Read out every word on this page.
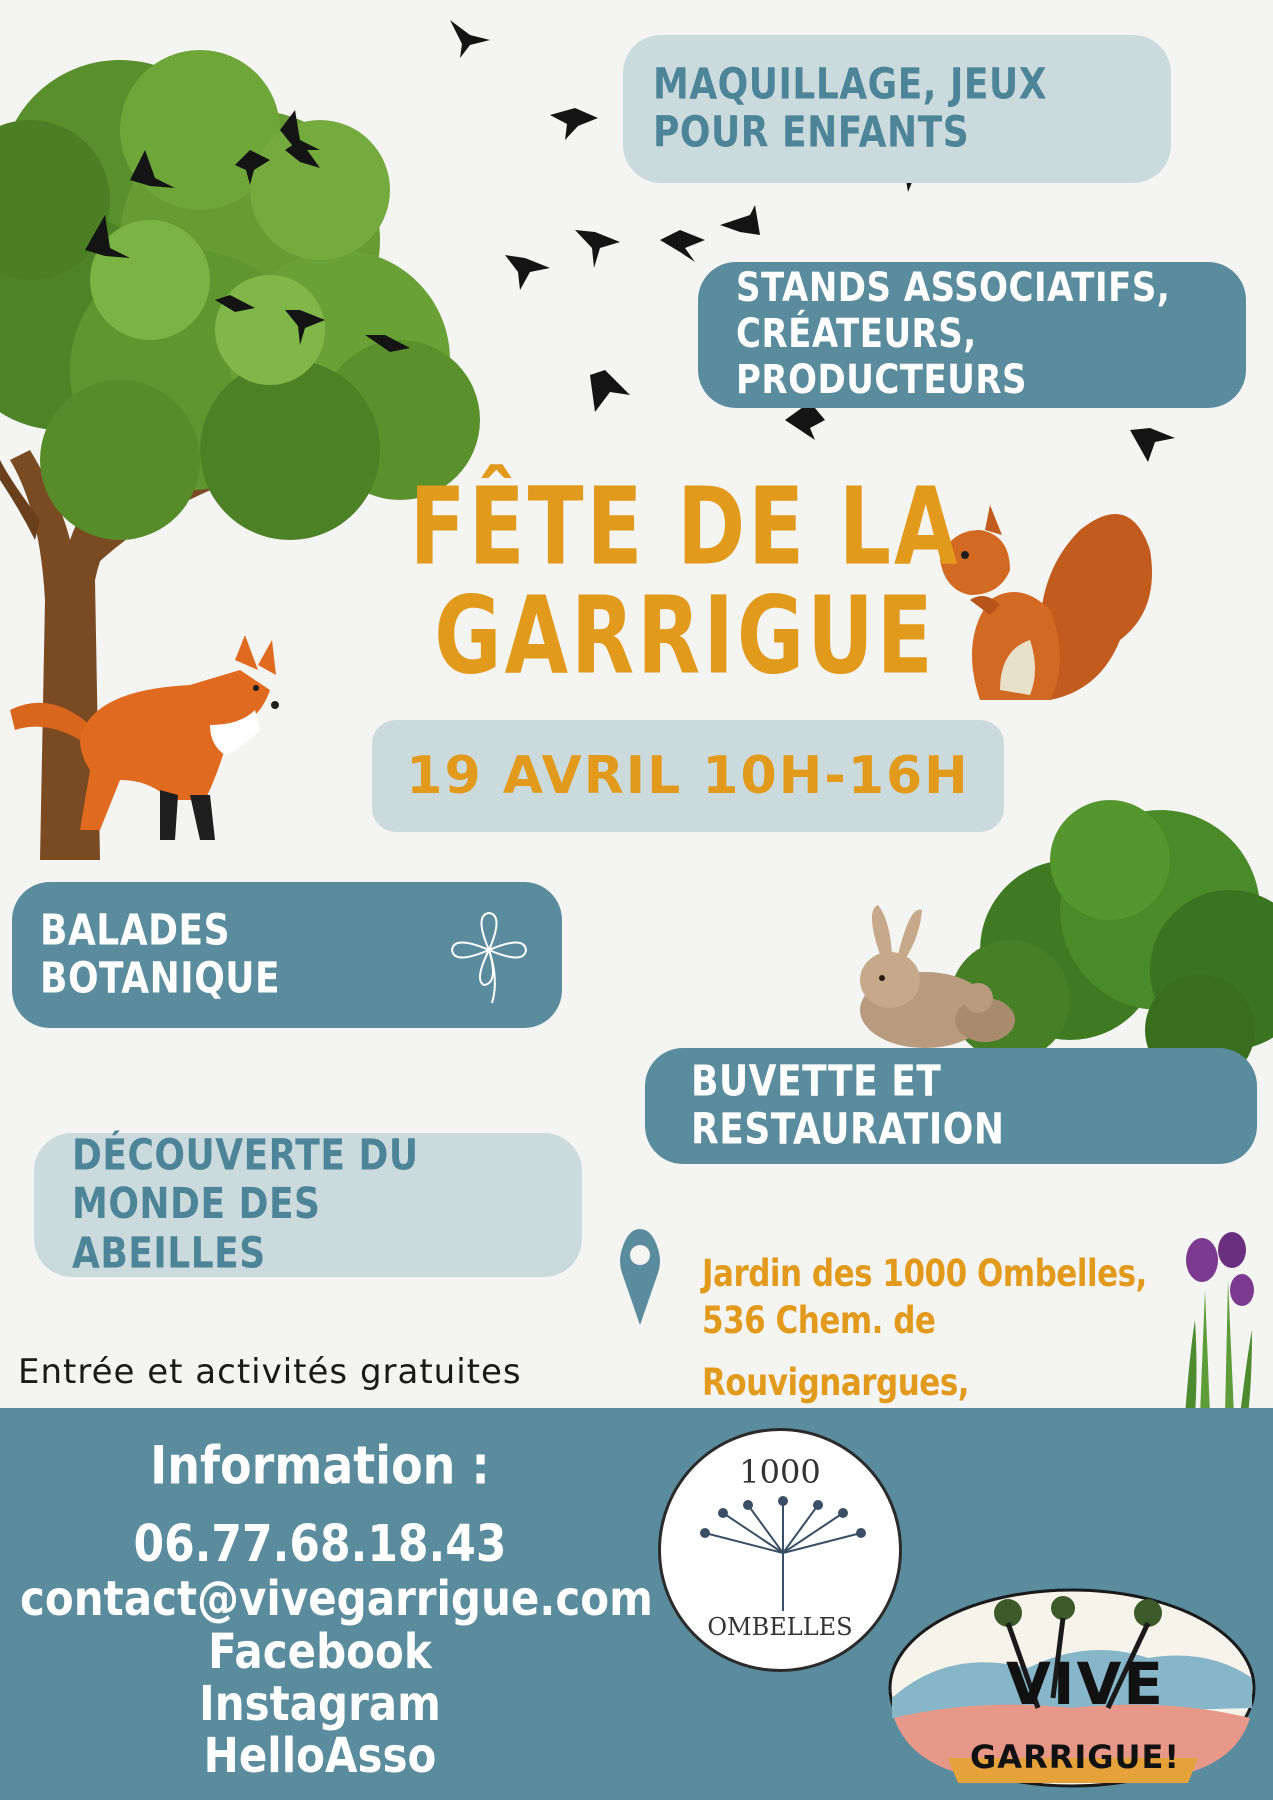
MAQUILLAGE, JEUX POUR ENFANTS
STANDS ASSOCIATIFS, CRÉATEURS, PRODUCTEURS
FÊTE DE LA
GARRIGUE
19 AVRIL 10H-16H
BALADES BOTANIQUE
BUVETTE ET RESTAURATION
DÉCOUVERTE DU MONDE DES ABEILLES	Jardin des 1000 Ombelles,
536 Chem. de Rouvignargues,
Entrée et activités gratuites
Information :
06.77.68.18.43
contact@vivegarrigue.com
Facebook
Instagram
HelloAsso
1000
OMBELLES
VIVE
GARRIGUE!
